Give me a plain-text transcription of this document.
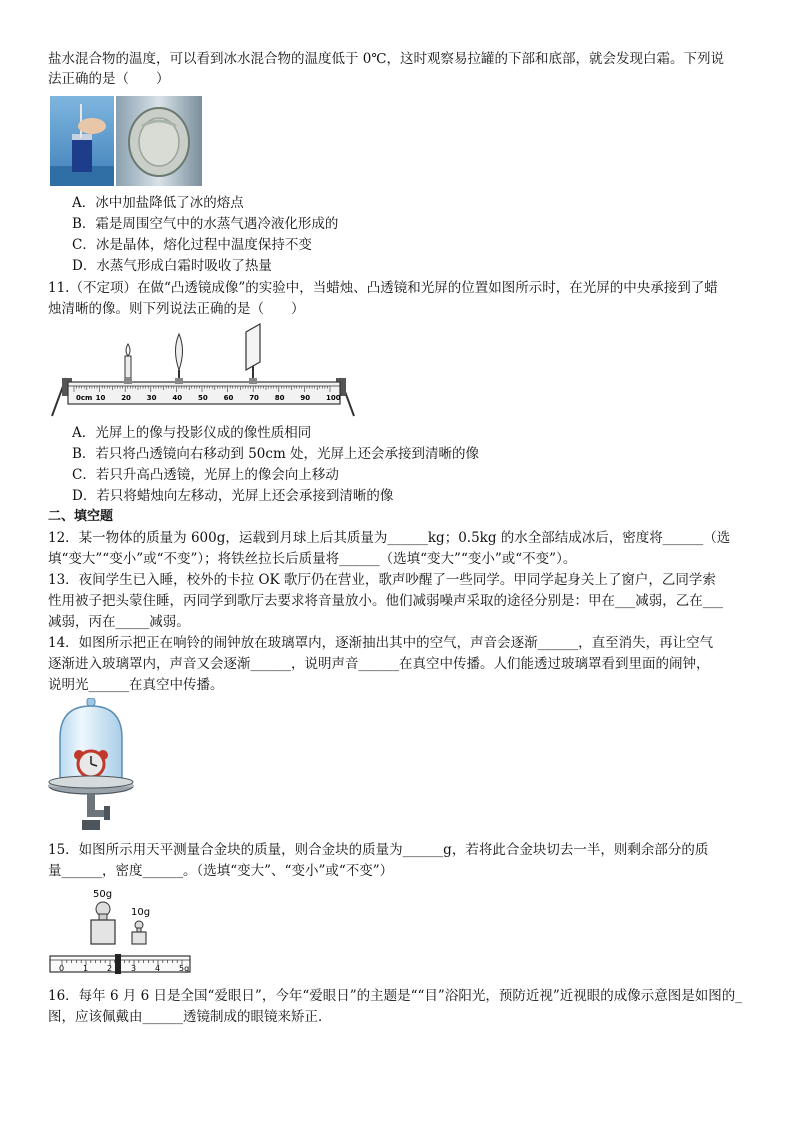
盐水混合物的温度，可以看到冰水混合物的温度低于 0℃，这时观察易拉罐的下部和底部，就会发现白霜。下列说
法正确的是（　　）
A．冰中加盐降低了冰的熔点
B．霜是周围空气中的水蒸气遇冷液化形成的
C．冰是晶体，熔化过程中温度保持不变
D．水蒸气形成白霜时吸收了热量
11.（不定项）在做“凸透镜成像”的实验中，当蜡烛、凸透镜和光屏的位置如图所示时，在光屏的中央承接到了蜡
烛清晰的像。则下列说法正确的是（　　）
0cm 10 20 30 40 50 60 70 80 90 100
A．光屏上的像与投影仪成的像性质相同
B．若只将凸透镜向右移动到 50cm 处，光屏上还会承接到清晰的像
C．若只升高凸透镜，光屏上的像会向上移动
D．若只将蜡烛向左移动，光屏上还会承接到清晰的像
二、填空题
12．某一物体的质量为 600g，运载到月球上后其质量为______kg；0.5kg 的水全部结成冰后，密度将______（选
填“变大”“变小”或“不变”）；将铁丝拉长后质量将______（选填“变大”“变小”或“不变”）。
13．夜间学生已入睡，校外的卡拉 OK 歌厅仍在营业，歌声吵醒了一些同学。甲同学起身关上了窗户，乙同学索
性用被子把头蒙住睡，丙同学到歌厅去要求将音量放小。他们减弱噪声采取的途径分别是：甲在___减弱，乙在___
减弱，丙在_____减弱。
14．如图所示把正在响铃的闹钟放在玻璃罩内，逐渐抽出其中的空气，声音会逐渐______，直至消失，再让空气
逐渐进入玻璃罩内，声音又会逐渐______，说明声音______在真空中传播。人们能透过玻璃罩看到里面的闹钟，
说明光______在真空中传播。
15．如图所示用天平测量合金块的质量，则合金块的质量为______g，若将此合金块切去一半，则剩余部分的质
量______，密度______。（选填“变大”、“变小”或“不变”）
50g
10g
0 1 2 3 4 5g
16．每年 6 月 6 日是全国“爱眼日”，今年“爱眼日”的主题是““目”浴阳光，预防近视”近视眼的成像示意图是如图的_
图，应该佩戴由______透镜制成的眼镜来矫正．
